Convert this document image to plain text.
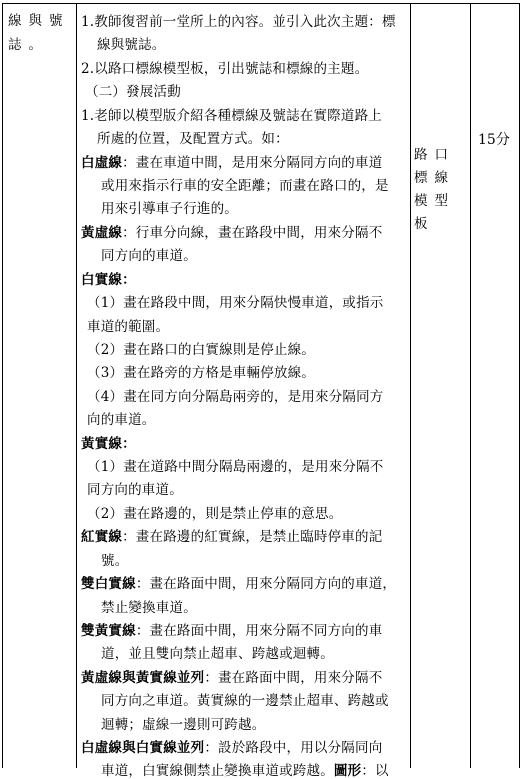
線與號誌。
1.教師復習前一堂所上的內容。並引入此次主題：標
線與號誌。
2.以路口標線模型板，引出號誌和標線的主題。
（二）發展活動
1.老師以模型版介紹各種標線及號誌在實際道路上
所處的位置，及配置方式。如：
白虛線：畫在車道中間，是用來分隔同方向的車道
或用來指示行車的安全距離；而畫在路口的，是
用來引導車子行進的。
黃虛線：行車分向線，畫在路段中間，用來分隔不
同方向的車道。
白實線：
（1）畫在路段中間，用來分隔快慢車道，或指示
車道的範圍。
（2）畫在路口的白實線則是停止線。
（3）畫在路旁的方格是車輛停放線。
（4）畫在同方向分隔島兩旁的，是用來分隔同方
向的車道。
黃實線：
（1）畫在道路中間分隔島兩邊的，是用來分隔不
同方向的車道。
（2）畫在路邊的，則是禁止停車的意思。
紅實線：畫在路邊的紅實線，是禁止臨時停車的記
號。
雙白實線：畫在路面中間，用來分隔同方向的車道，
禁止變換車道。
雙黃實線：畫在路面中間，用來分隔不同方向的車
道，並且雙向禁止超車、跨越或迴轉。
黃虛線與黃實線並列：畫在路面中間，用來分隔不
同方向之車道。黃實線的一邊禁止超車、跨越或
迴轉；虛線一邊則可跨越。
白虛線與白實線並列：設於路段中，用以分隔同向
車道，白實線側禁止變換車道或跨越。圖形：以
路口標線模型板
15分
